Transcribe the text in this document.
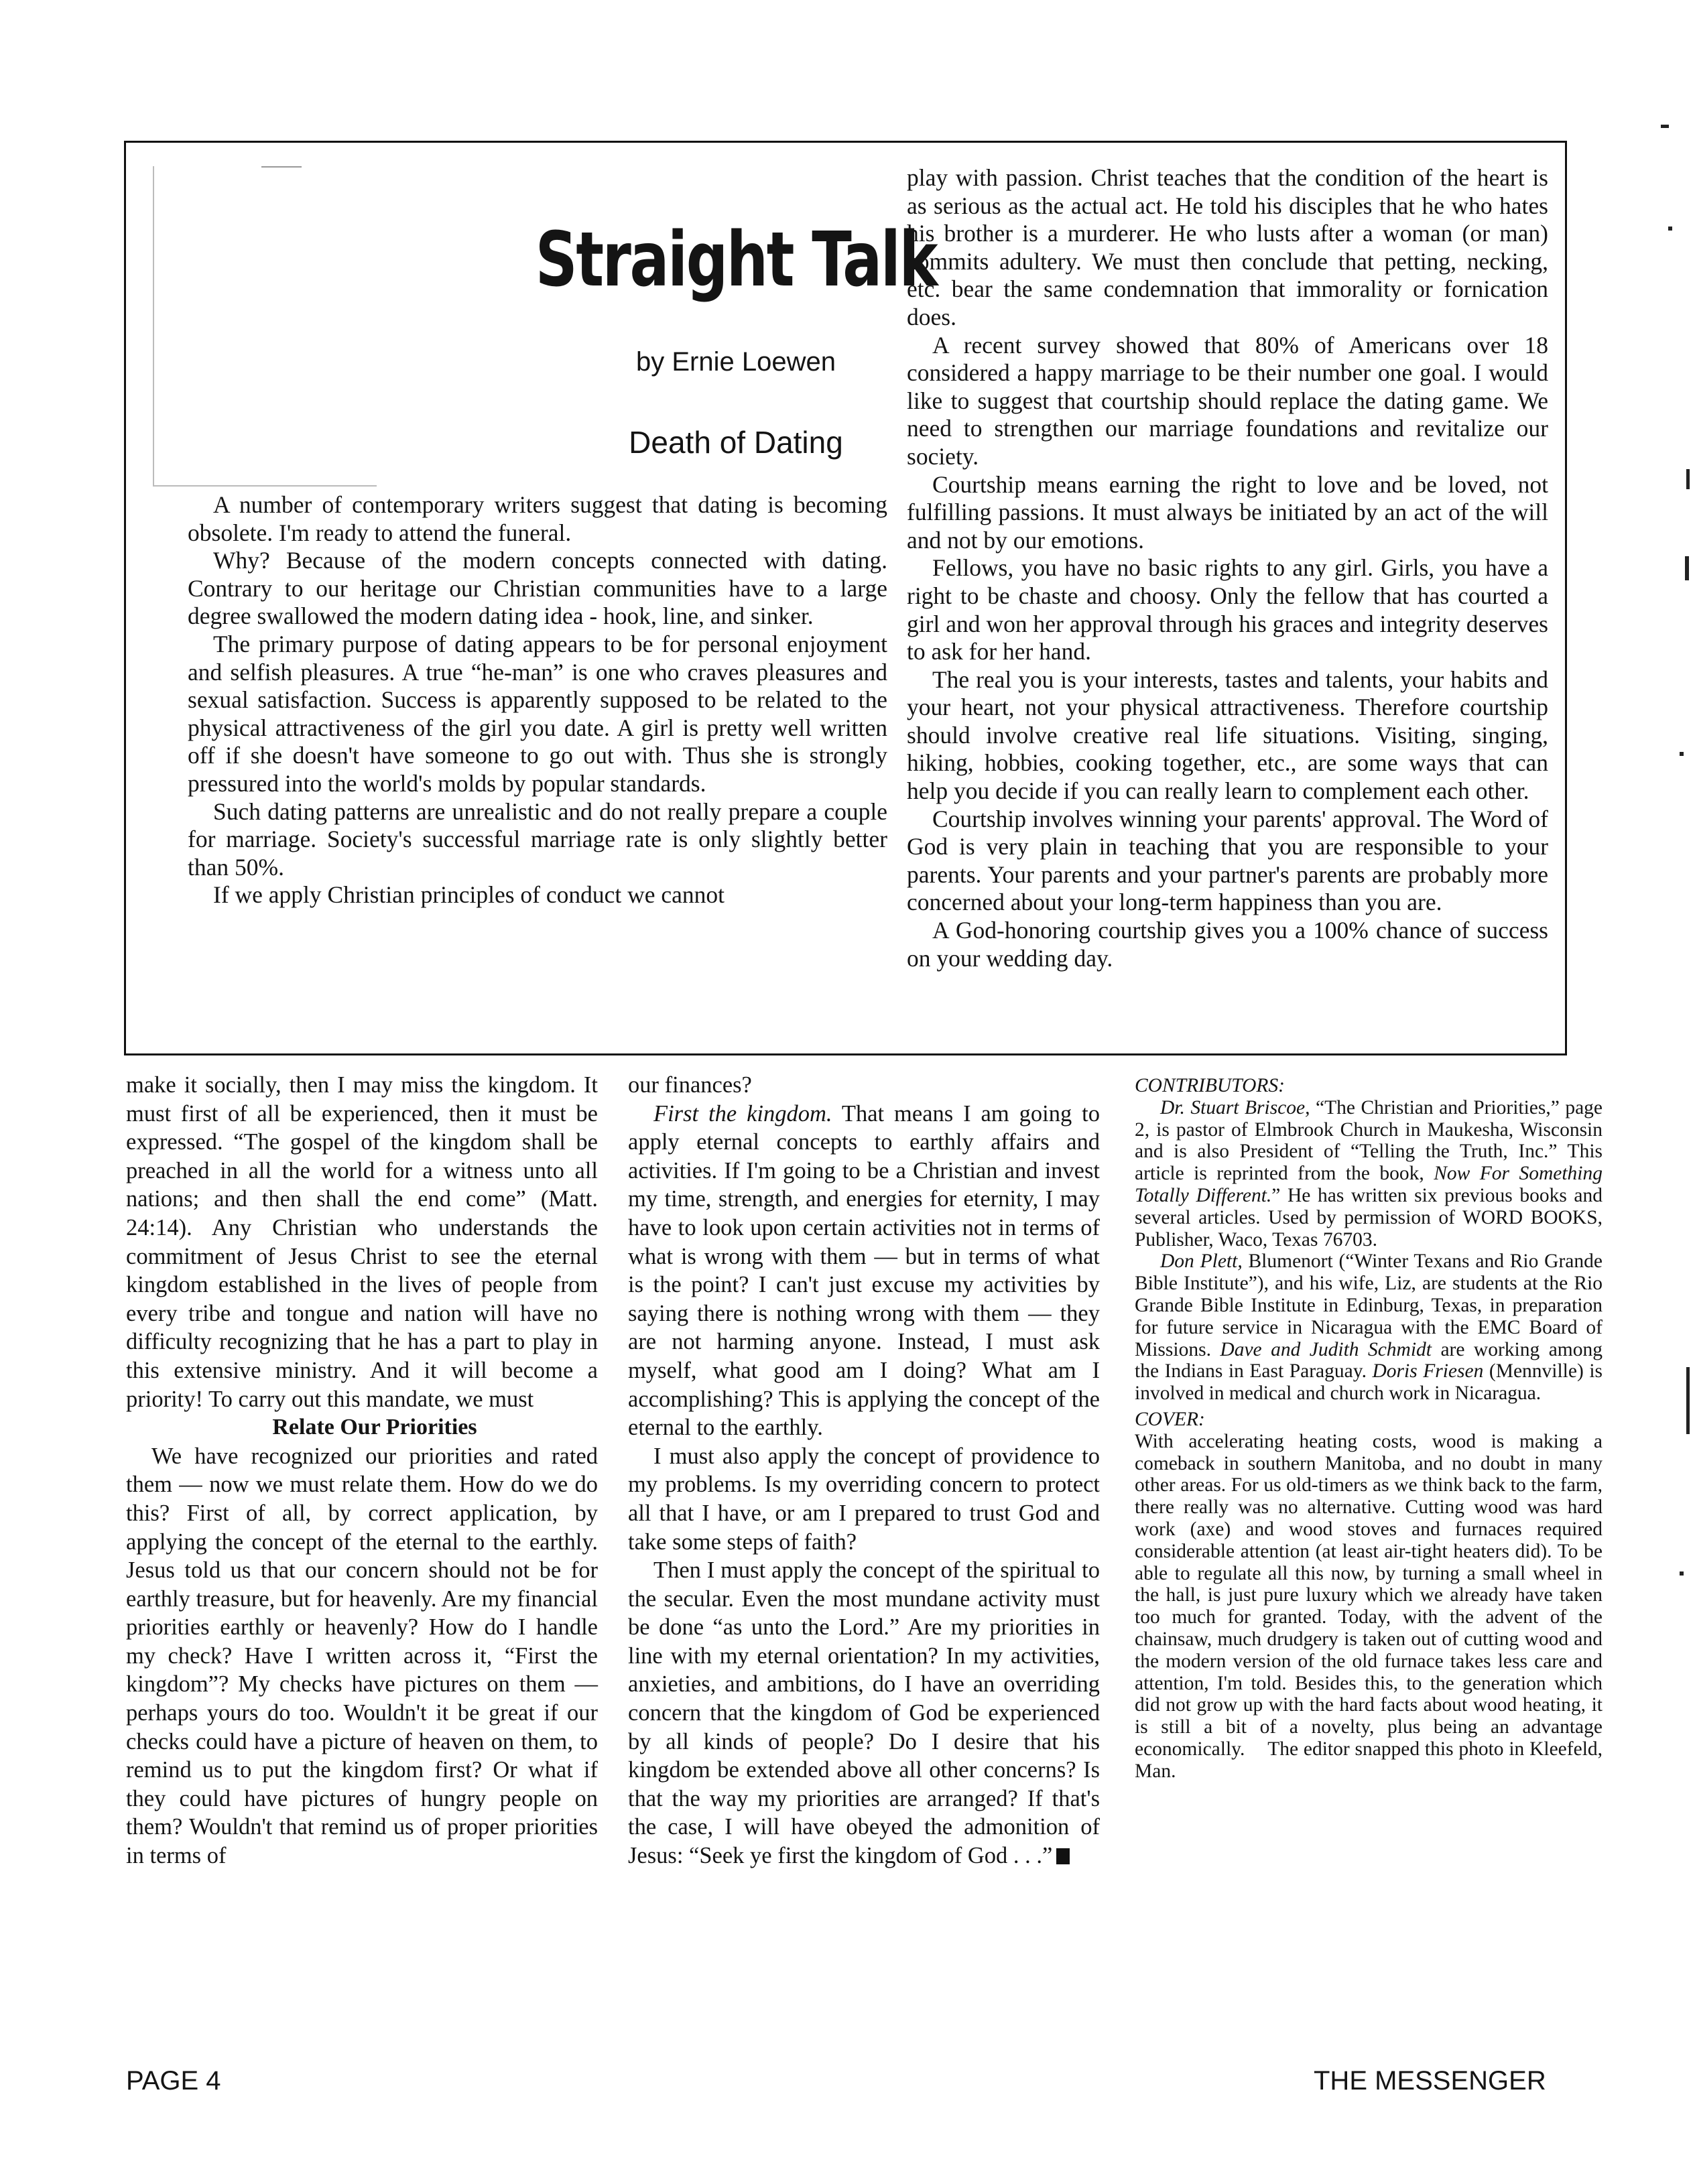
Straight Talk
by Ernie Loewen
Death of Dating

A number of contemporary writers suggest that dating is becoming obsolete. I'm ready to attend the funeral.

Why? Because of the modern concepts connected with dating. Contrary to our heritage our Christian communities have to a large degree swallowed the modern dating idea - hook, line, and sinker.

The primary purpose of dating appears to be for personal enjoyment and selfish pleasures. A true “he-man” is one who craves pleasures and sexual satisfaction. Success is apparently supposed to be related to the physical attractiveness of the girl you date. A girl is pretty well written off if she doesn't have someone to go out with. Thus she is strongly pressured into the world's molds by popular standards.

Such dating patterns are unrealistic and do not really prepare a couple for marriage. Society's successful marriage rate is only slightly better than 50%.

If we apply Christian principles of conduct we cannot

play with passion. Christ teaches that the condition of the heart is as serious as the actual act. He told his disciples that he who hates his brother is a murderer. He who lusts after a woman (or man) commits adultery. We must then conclude that petting, necking, etc. bear the same condemnation that immorality or fornication does.

A recent survey showed that 80% of Americans over 18 considered a happy marriage to be their number one goal. I would like to suggest that courtship should replace the dating game. We need to strengthen our marriage foundations and revitalize our society.

Courtship means earning the right to love and be loved, not fulfilling passions. It must always be initiated by an act of the will and not by our emotions.

Fellows, you have no basic rights to any girl. Girls, you have a right to be chaste and choosy. Only the fellow that has courted a girl and won her approval through his graces and integrity deserves to ask for her hand.

The real you is your interests, tastes and talents, your habits and your heart, not your physical attractiveness. Therefore courtship should involve creative real life situations. Visiting, singing, hiking, hobbies, cooking together, etc., are some ways that can help you decide if you can really learn to complement each other.

Courtship involves winning your parents' approval. The Word of God is very plain in teaching that you are responsible to your parents. Your parents and your partner's parents are probably more concerned about your long-term happiness than you are.

A God-honoring courtship gives you a 100% chance of success on your wedding day.

make it socially, then I may miss the kingdom. It must first of all be experienced, then it must be expressed. “The gospel of the kingdom shall be preached in all the world for a witness unto all nations; and then shall the end come” (Matt. 24:14). Any Christian who understands the commitment of Jesus Christ to see the eternal kingdom established in the lives of people from every tribe and tongue and nation will have no difficulty recognizing that he has a part to play in this extensive ministry. And it will become a priority! To carry out this mandate, we must

Relate Our Priorities

We have recognized our priorities and rated them — now we must relate them. How do we do this? First of all, by correct application, by applying the concept of the eternal to the earthly. Jesus told us that our concern should not be for earthly treasure, but for heavenly. Are my financial priorities earthly or heavenly? How do I handle my check? Have I written across it, “First the kingdom”? My checks have pictures on them — perhaps yours do too. Wouldn't it be great if our checks could have a picture of heaven on them, to remind us to put the kingdom first? Or what if they could have pictures of hungry people on them? Wouldn't that remind us of proper priorities in terms of

our finances?

First the kingdom. That means I am going to apply eternal concepts to earthly affairs and activities. If I'm going to be a Christian and invest my time, strength, and energies for eternity, I may have to look upon certain activities not in terms of what is wrong with them — but in terms of what is the point? I can't just excuse my activities by saying there is nothing wrong with them — they are not harming anyone. Instead, I must ask myself, what good am I doing? What am I accomplishing? This is applying the concept of the eternal to the earthly.

I must also apply the concept of providence to my problems. Is my overriding concern to protect all that I have, or am I prepared to trust God and take some steps of faith?

Then I must apply the concept of the spiritual to the secular. Even the most mundane activity must be done “as unto the Lord.” Are my priorities in line with my eternal orientation? In my activities, anxieties, and ambitions, do I have an overriding concern that the kingdom of God be experienced by all kinds of people? Do I desire that his kingdom be extended above all other concerns? Is that the way my priorities are arranged? If that's the case, I will have obeyed the admonition of Jesus: “Seek ye first the kingdom of God . . .”

CONTRIBUTORS:

Dr. Stuart Briscoe, “The Christian and Priorities,” page 2, is pastor of Elmbrook Church in Maukesha, Wisconsin and is also President of “Telling the Truth, Inc.” This article is reprinted from the book, Now For Something Totally Different.” He has written six previous books and several articles. Used by permission of WORD BOOKS, Publisher, Waco, Texas 76703.

Don Plett, Blumenort (“Winter Texans and Rio Grande Bible Institute”), and his wife, Liz, are students at the Rio Grande Bible Institute in Edinburg, Texas, in preparation for future service in Nicaragua with the EMC Board of Missions. Dave and Judith Schmidt are working among the Indians in East Paraguay. Doris Friesen (Mennville) is involved in medical and church work in Nicaragua.

COVER:

With accelerating heating costs, wood is making a comeback in southern Manitoba, and no doubt in many other areas. For us old-timers as we think back to the farm, there really was no alternative. Cutting wood was hard work (axe) and wood stoves and furnaces required considerable attention (at least air-tight heaters did). To be able to regulate all this now, by turning a small wheel in the hall, is just pure luxury which we already have taken too much for granted. Today, with the advent of the chainsaw, much drudgery is taken out of cutting wood and the modern version of the old furnace takes less care and attention, I'm told. Besides this, to the generation which did not grow up with the hard facts about wood heating, it is still a bit of a novelty, plus being an advantage economically. The editor snapped this photo in Kleefeld, Man.

PAGE 4	THE MESSENGER
